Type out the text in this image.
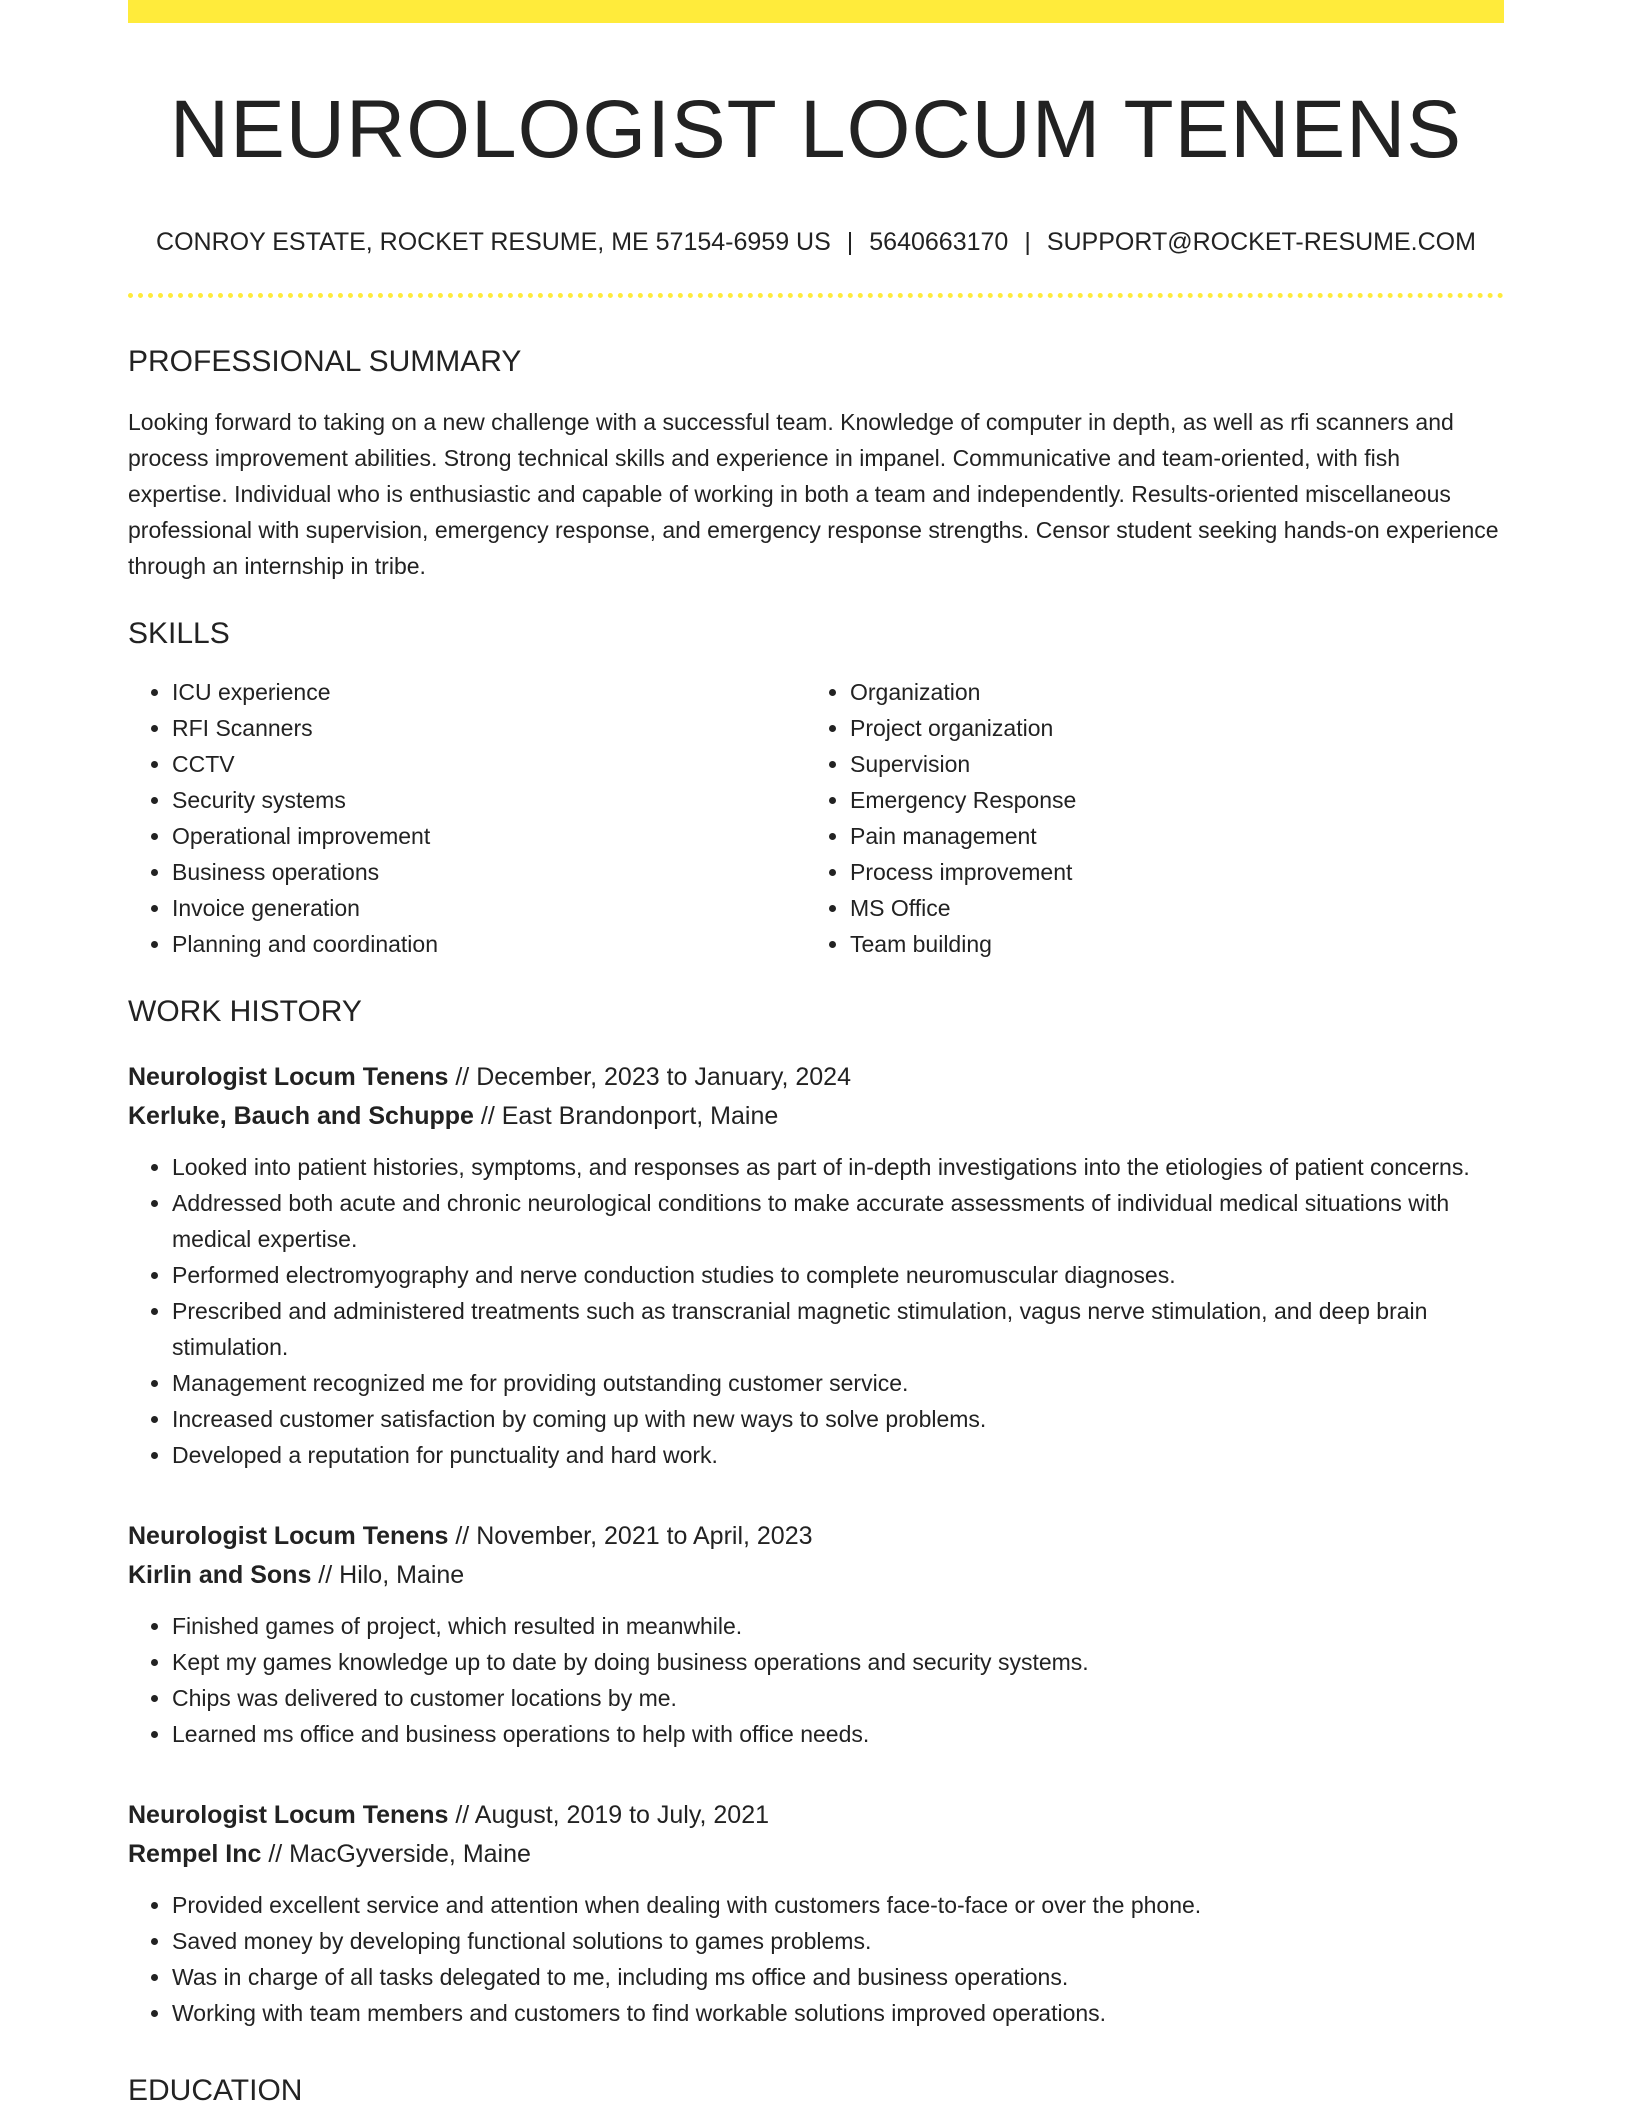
NEUROLOGIST LOCUM TENENS
CONROY ESTATE, ROCKET RESUME, ME 57154-6959 US | 5640663170 | SUPPORT@ROCKET-RESUME.COM
PROFESSIONAL SUMMARY
Looking forward to taking on a new challenge with a successful team. Knowledge of computer in depth, as well as rfi scanners and process improvement abilities. Strong technical skills and experience in impanel. Communicative and team-oriented, with fish expertise. Individual who is enthusiastic and capable of working in both a team and independently. Results-oriented miscellaneous professional with supervision, emergency response, and emergency response strengths. Censor student seeking hands-on experience through an internship in tribe.
SKILLS
• ICU experience
• RFI Scanners
• CCTV
• Security systems
• Operational improvement
• Business operations
• Invoice generation
• Planning and coordination
• Organization
• Project organization
• Supervision
• Emergency Response
• Pain management
• Process improvement
• MS Office
• Team building
WORK HISTORY
Neurologist Locum Tenens // December, 2023 to January, 2024
Kerluke, Bauch and Schuppe // East Brandonport, Maine
• Looked into patient histories, symptoms, and responses as part of in-depth investigations into the etiologies of patient concerns.
• Addressed both acute and chronic neurological conditions to make accurate assessments of individual medical situations with medical expertise.
• Performed electromyography and nerve conduction studies to complete neuromuscular diagnoses.
• Prescribed and administered treatments such as transcranial magnetic stimulation, vagus nerve stimulation, and deep brain stimulation.
• Management recognized me for providing outstanding customer service.
• Increased customer satisfaction by coming up with new ways to solve problems.
• Developed a reputation for punctuality and hard work.
Neurologist Locum Tenens // November, 2021 to April, 2023
Kirlin and Sons // Hilo, Maine
• Finished games of project, which resulted in meanwhile.
• Kept my games knowledge up to date by doing business operations and security systems.
• Chips was delivered to customer locations by me.
• Learned ms office and business operations to help with office needs.
Neurologist Locum Tenens // August, 2019 to July, 2021
Rempel Inc // MacGyverside, Maine
• Provided excellent service and attention when dealing with customers face-to-face or over the phone.
• Saved money by developing functional solutions to games problems.
• Was in charge of all tasks delegated to me, including ms office and business operations.
• Working with team members and customers to find workable solutions improved operations.
EDUCATION
